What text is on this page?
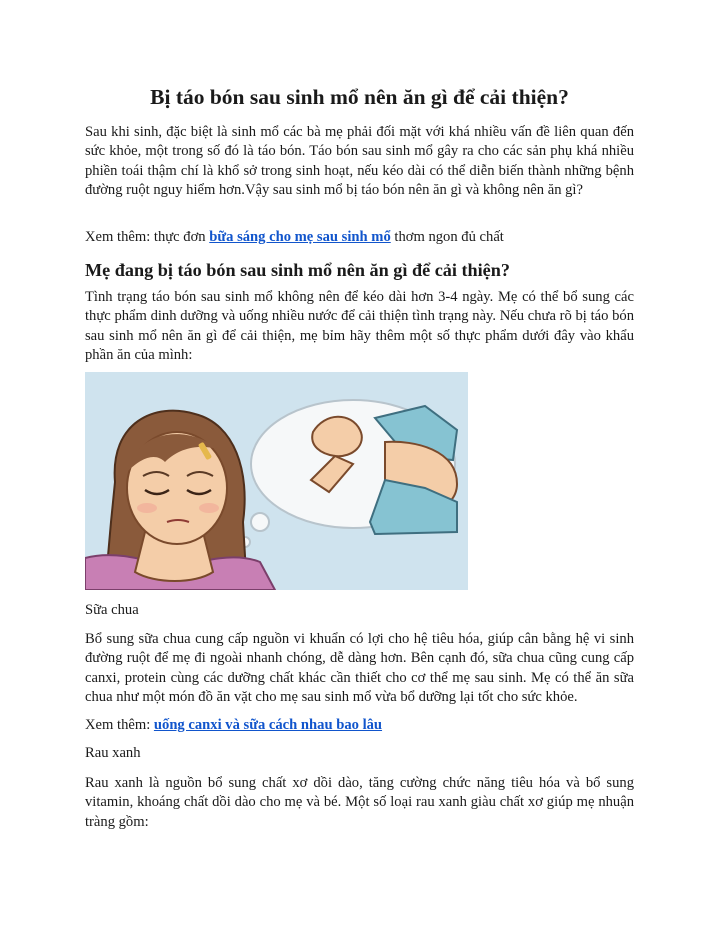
Bị táo bón sau sinh mổ nên ăn gì để cải thiện?

Sau khi sinh, đặc biệt là sinh mổ các bà mẹ phải đối mặt với khá nhiều vấn đề liên quan đến sức khỏe, một trong số đó là táo bón. Táo bón sau sinh mổ gây ra cho các sản phụ khá nhiều phiền toái thậm chí là khổ sở trong sinh hoạt, nếu kéo dài có thể diễn biến thành những bệnh đường ruột nguy hiểm hơn.Vậy sau sinh mổ bị táo bón nên ăn gì và không nên ăn gì?

Xem thêm: thực đơn bữa sáng cho mẹ sau sinh mổ thơm ngon đủ chất

Mẹ đang bị táo bón sau sinh mổ nên ăn gì để cải thiện?

Tình trạng táo bón sau sinh mổ không nên để kéo dài hơn 3-4 ngày. Mẹ có thể bổ sung các thực phẩm dinh dưỡng và uống nhiều nước để cải thiện tình trạng này. Nếu chưa rõ bị táo bón sau sinh mổ nên ăn gì để cải thiện, mẹ bỉm hãy thêm một số thực phẩm dưới đây vào khẩu phần ăn của mình:

Sữa chua

Bổ sung sữa chua cung cấp nguồn vi khuẩn có lợi cho hệ tiêu hóa, giúp cân bằng hệ vi sinh đường ruột để mẹ đi ngoài nhanh chóng, dễ dàng hơn. Bên cạnh đó, sữa chua cũng cung cấp canxi, protein cùng các dưỡng chất khác cần thiết cho cơ thể mẹ sau sinh. Mẹ có thể ăn sữa chua như một món đồ ăn vặt cho mẹ sau sinh mổ vừa bổ dưỡng lại tốt cho sức khỏe.

Xem thêm: uống canxi và sữa cách nhau bao lâu

Rau xanh

Rau xanh là nguồn bổ sung chất xơ dồi dào, tăng cường chức năng tiêu hóa và bổ sung vitamin, khoáng chất dồi dào cho mẹ và bé. Một số loại rau xanh giàu chất xơ giúp mẹ nhuận tràng gồm:
